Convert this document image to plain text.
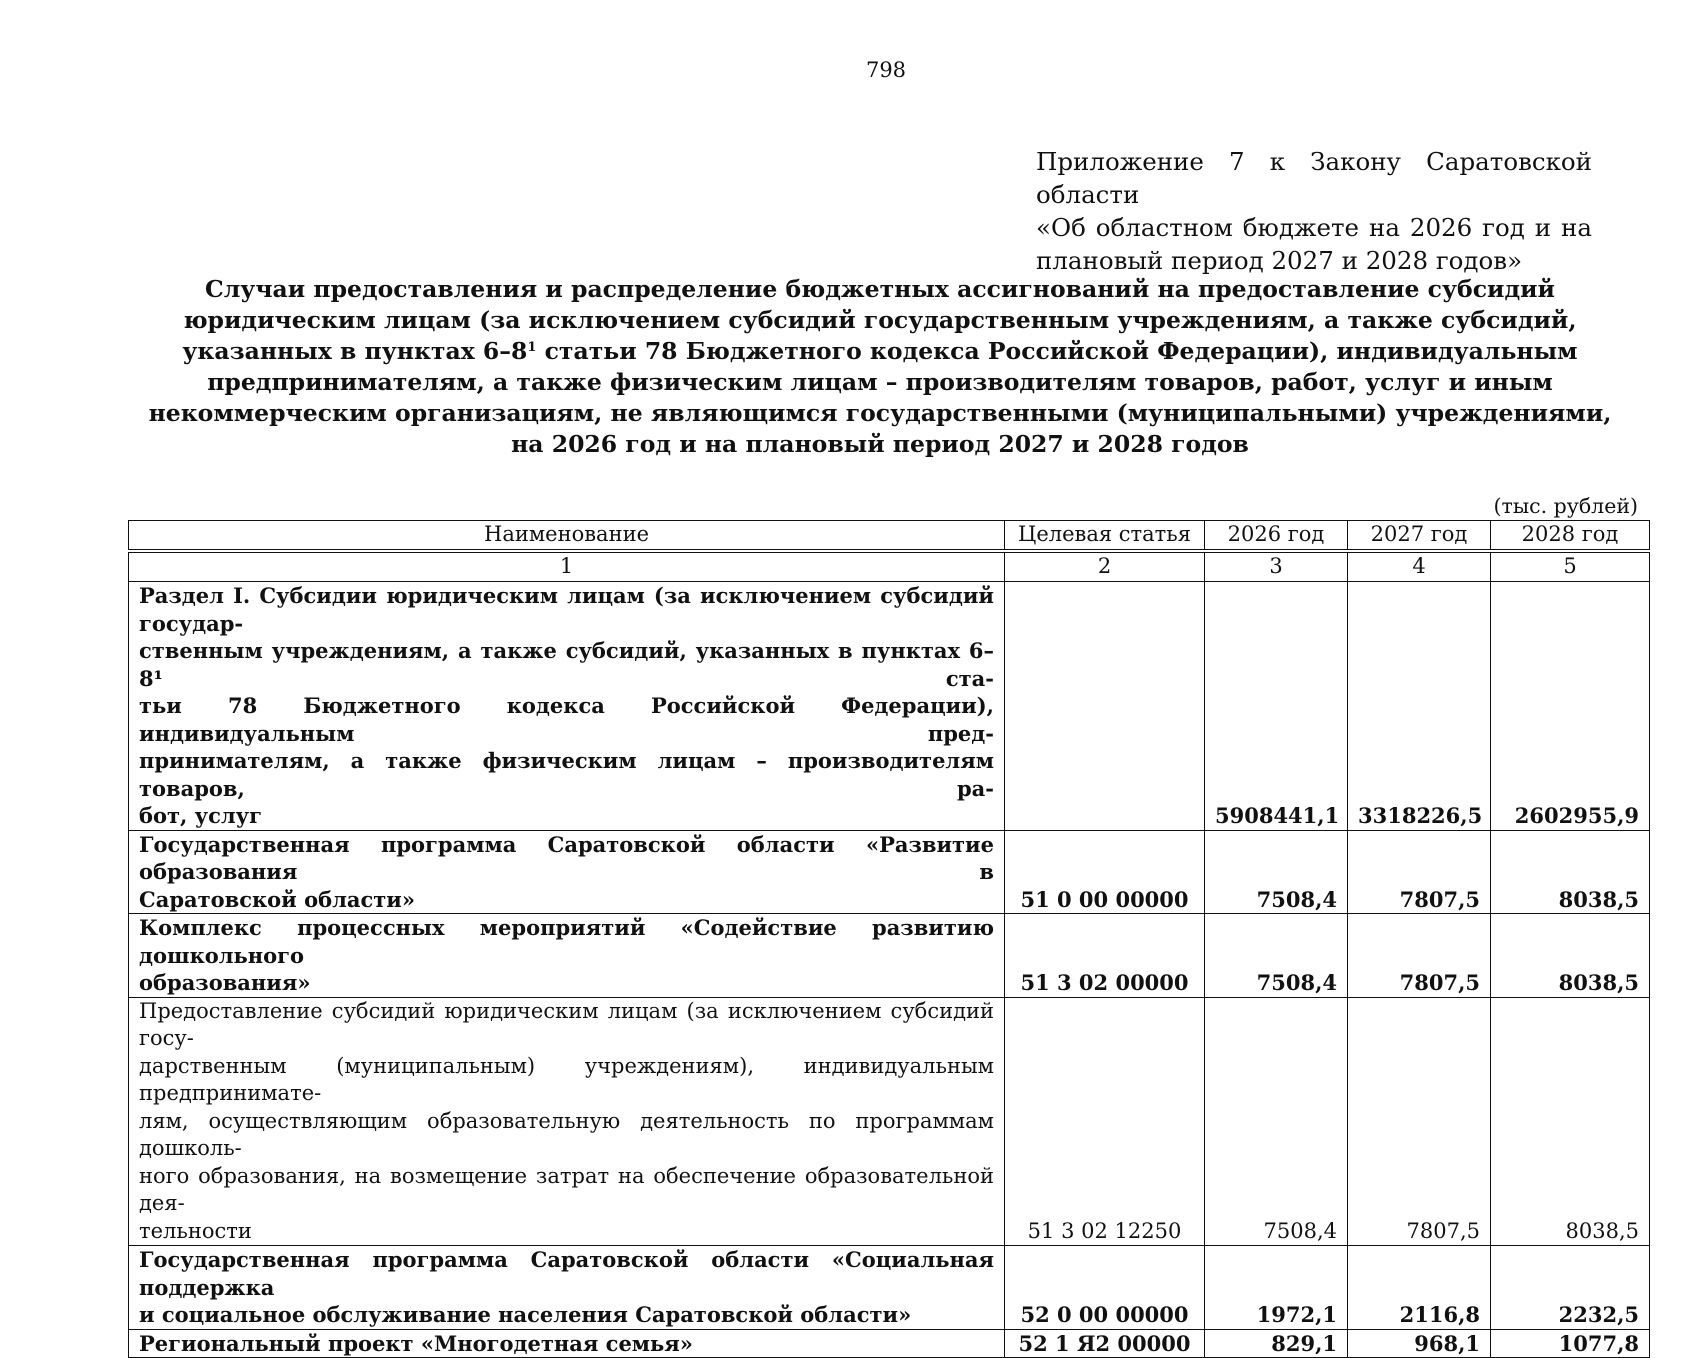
798
Приложение 7 к Закону Саратовской области
«Об областном бюджете на 2026 год и на
плановый период 2027 и 2028 годов»
Случаи предоставления и распределение бюджетных ассигнований на предоставление субсидий
юридическим лицам (за исключением субсидий государственным учреждениям, а также субсидий,
указанных в пунктах $6-8^1$ статьи 78 Бюджетного кодекса Российской Федерации), индивидуальным
предпринимателям, а также физическим лицам – производителям товаров, работ, услуг и иным
некоммерческим организациям, не являющимся государственными (муниципальными) учреждениями,
на 2026 год и на плановый период 2027 и 2028 годов
(тыс. рублей)
Наименование	Целевая статья	2026 год	2027 год	2028 год

1	2	3	4	5

Раздел I. Субсидии юридическим лицам (за исключением субсидий государ-
ственным учреждениям, а также субсидий, указанных в пунктах 6–8¹ ста-
тьи 78 Бюджетного кодекса Российской Федерации), индивидуальным пред-
принимателям, а также физическим лицам – производителям товаров, ра-
бот, услуг		5908441,1	3318226,5	2602955,9

Государственная программа Саратовской области «Развитие образования в
Саратовской области»	51 0 00 00000	7508,4	7807,5	8038,5

Комплекс процессных мероприятий «Содействие развитию дошкольного
образования»	51 3 02 00000	7508,4	7807,5	8038,5

Предоставление субсидий юридическим лицам (за исключением субсидий госу-
дарственным (муниципальным) учреждениям), индивидуальным предпринимате-
лям, осуществляющим образовательную деятельность по программам дошколь-
ного образования, на возмещение затрат на обеспечение образовательной дея-
тельности	51 3 02 12250	7508,4	7807,5	8038,5

Государственная программа Саратовской области «Социальная поддержка
и социальное обслуживание населения Саратовской области»	52 0 00 00000	1972,1	2116,8	2232,5

Региональный проект «Многодетная семья»	52 1 Я2 00000	829,1	968,1	1077,8
